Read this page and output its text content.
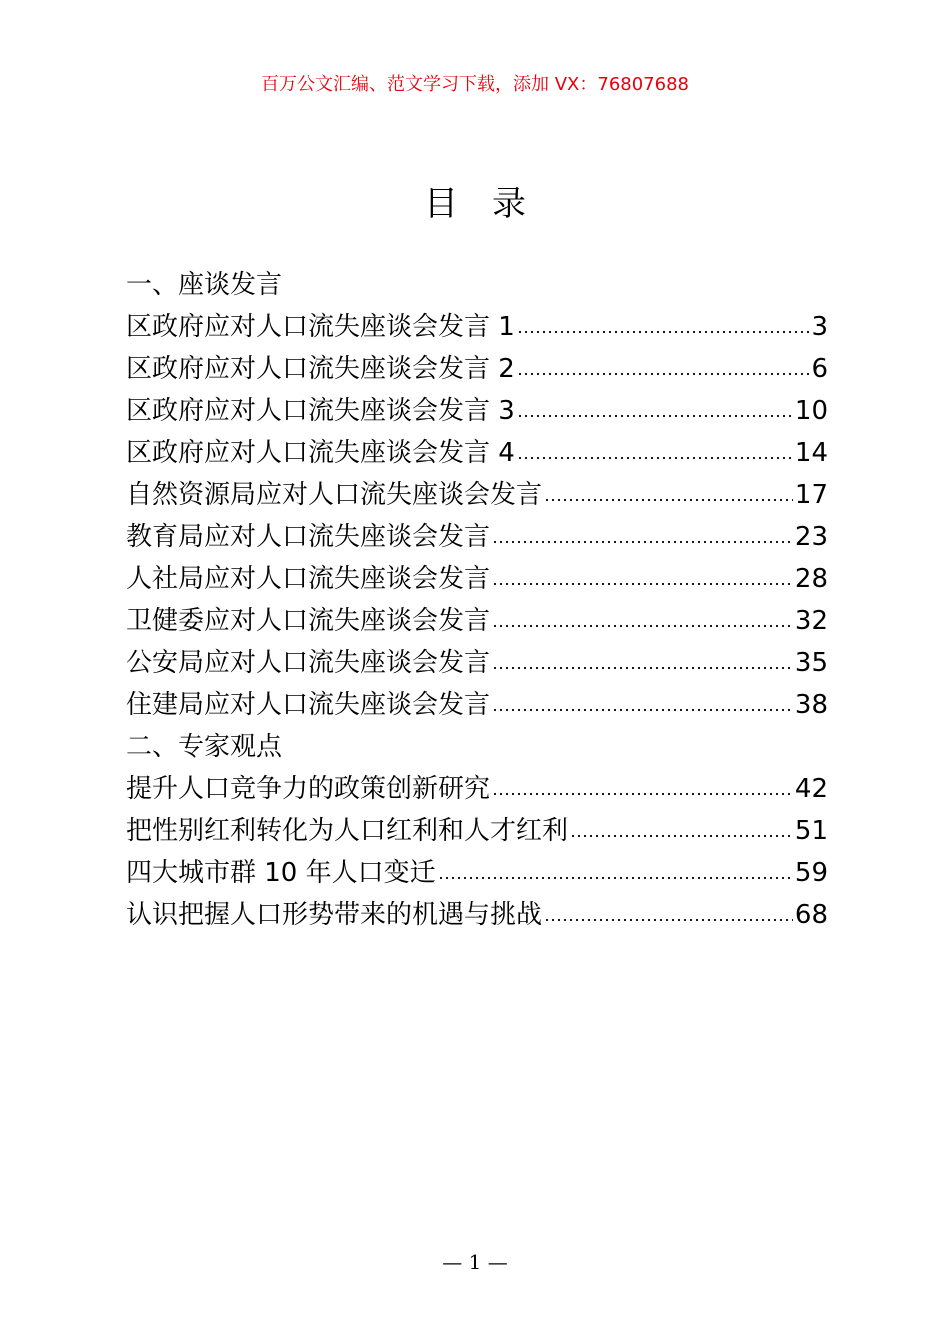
百万公文汇编、范文学习下载，添加 VX：76807688
目录
一、座谈发言
区政府应对人口流失座谈会发言 1	3
区政府应对人口流失座谈会发言 2	6
区政府应对人口流失座谈会发言 3	10
区政府应对人口流失座谈会发言 4	14
自然资源局应对人口流失座谈会发言	17
教育局应对人口流失座谈会发言	23
人社局应对人口流失座谈会发言	28
卫健委应对人口流失座谈会发言	32
公安局应对人口流失座谈会发言	35
住建局应对人口流失座谈会发言	38
二、专家观点
提升人口竞争力的政策创新研究	42
把性别红利转化为人口红利和人才红利	51
四大城市群 10 年人口变迁	59
认识把握人口形势带来的机遇与挑战	68
— 1 —
